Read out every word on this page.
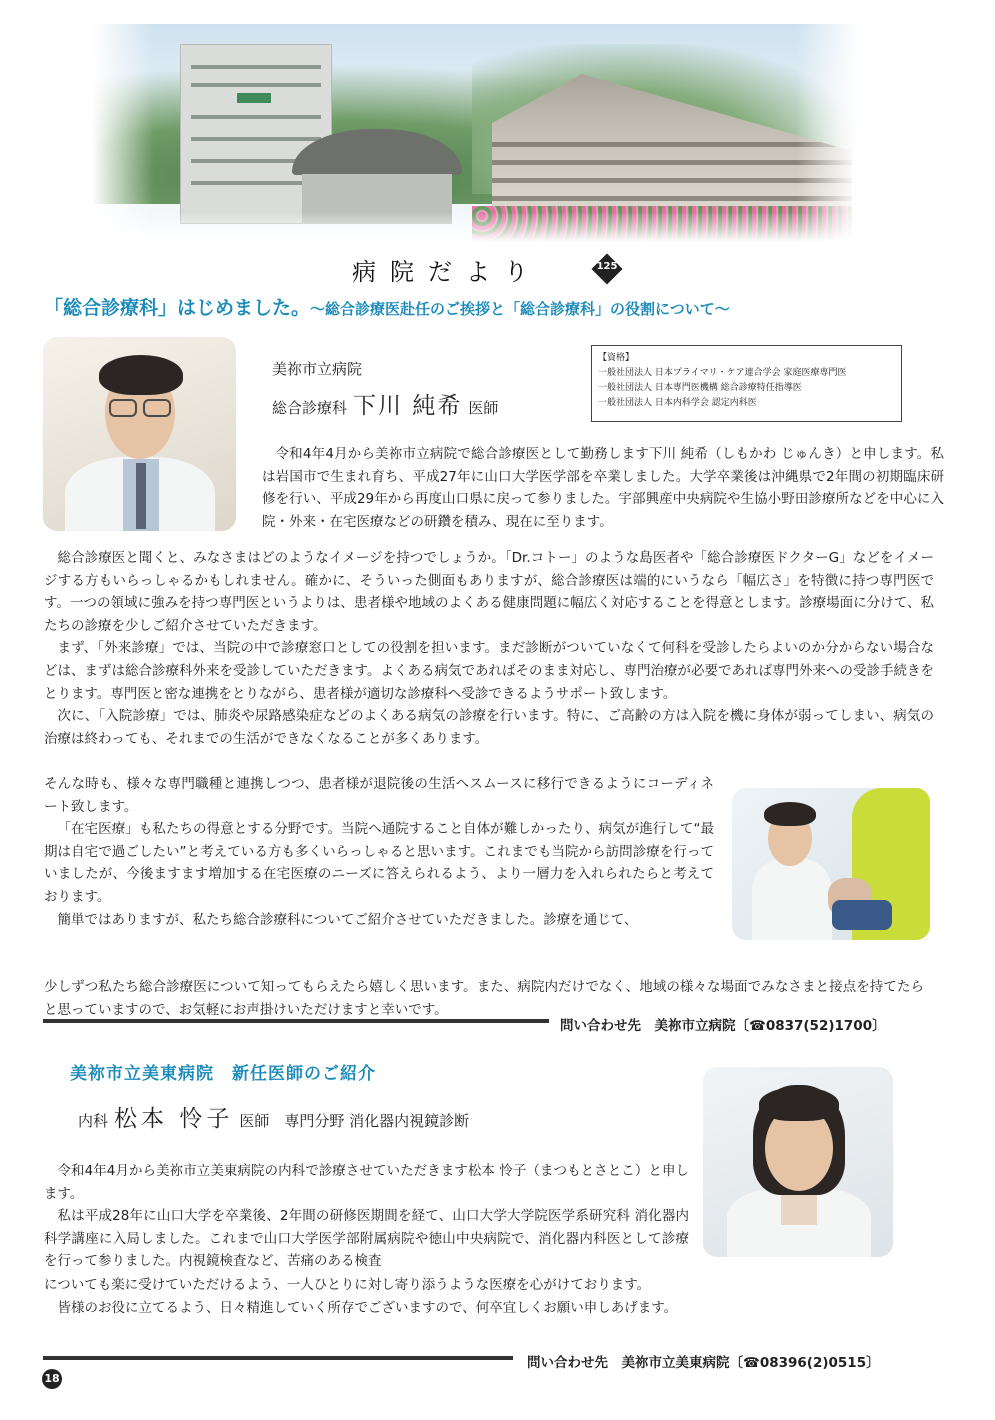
病院だより	125
「総合診療科」はじめました。～総合診療医赴任のご挨拶と「総合診療科」の役割について～
美祢市立病院
総合診療科 下川 純希 医師
【資格】
一般社団法人 日本プライマリ・ケア連合学会 家庭医療専門医
一般社団法人 日本専門医機構 総合診療特任指導医
一般社団法人 日本内科学会 認定内科医
令和4年4月から美祢市立病院で総合診療医として勤務します下川 純希（しもかわ じゅんき）と申します。私は岩国市で生まれ育ち、平成27年に山口大学医学部を卒業しました。大学卒業後は沖縄県で2年間の初期臨床研修を行い、平成29年から再度山口県に戻って参りました。宇部興産中央病院や生協小野田診療所などを中心に入院・外来・在宅医療などの研鑽を積み、現在に至ります。
総合診療医と聞くと、みなさまはどのようなイメージを持つでしょうか。「Dr.コトー」のような島医者や「総合診療医ドクターG」などをイメージする方もいらっしゃるかもしれません。確かに、そういった側面もありますが、総合診療医は端的にいうなら「幅広さ」を特徴に持つ専門医です。一つの領域に強みを持つ専門医というよりは、患者様や地域のよくある健康問題に幅広く対応することを得意とします。診療場面に分けて、私たちの診療を少しご紹介させていただきます。
まず、「外来診療」では、当院の中で診療窓口としての役割を担います。まだ診断がついていなくて何科を受診したらよいのか分からない場合などは、まずは総合診療科外来を受診していただきます。よくある病気であればそのまま対応し、専門治療が必要であれば専門外来への受診手続きをとります。専門医と密な連携をとりながら、患者様が適切な診療科へ受診できるようサポート致します。
次に、「入院診療」では、肺炎や尿路感染症などのよくある病気の診療を行います。特に、ご高齢の方は入院を機に身体が弱ってしまい、病気の治療は終わっても、それまでの生活ができなくなることが多くあります。
そんな時も、様々な専門職種と連携しつつ、患者様が退院後の生活へスムースに移行できるようにコーディネート致します。
「在宅医療」も私たちの得意とする分野です。当院へ通院すること自体が難しかったり、病気が進行して“最期は自宅で過ごしたい”と考えている方も多くいらっしゃると思います。これまでも当院から訪問診療を行っていましたが、今後ますます増加する在宅医療のニーズに答えられるよう、より一層力を入れられたらと考えております。
簡単ではありますが、私たち総合診療科についてご紹介させていただきました。診療を通じて、
少しずつ私たち総合診療医について知ってもらえたら嬉しく思います。また、病院内だけでなく、地域の様々な場面でみなさまと接点を持てたらと思っていますので、お気軽にお声掛けいただけますと幸いです。
問い合わせ先　 美祢市立病院〔☎0837(52)1700〕
美祢市立美東病院　新任医師のご紹介
内科 松本 怜子 医師　 専門分野 消化器内視鏡診断
令和4年4月から美祢市立美東病院の内科で診療させていただきます松本 怜子（まつもとさとこ）と申します。
私は平成28年に山口大学を卒業後、2年間の研修医期間を経て、山口大学大学院医学系研究科 消化器内科学講座に入局しました。これまで山口大学医学部附属病院や徳山中央病院で、消化器内科医として診療を行って参りました。内視鏡検査など、苦痛のある検査
についても楽に受けていただけるよう、一人ひとりに対し寄り添うような医療を心がけております。
皆様のお役に立てるよう、日々精進していく所存でございますので、何卒宜しくお願い申しあげます。
問い合わせ先　 美祢市立美東病院〔☎08396(2)0515〕
18
